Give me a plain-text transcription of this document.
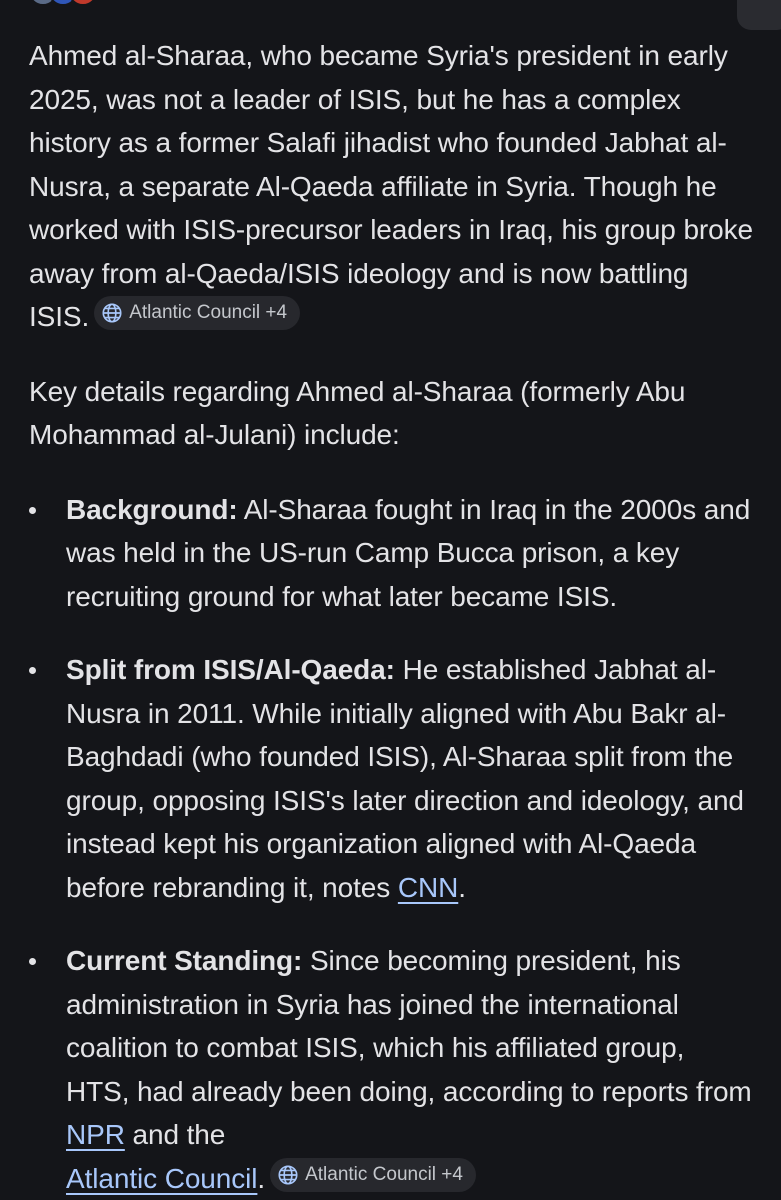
Ahmed al-Sharaa, who became Syria's president in early 2025, was not a leader of ISIS, but he has a complex history as a former Salafi jihadist who founded Jabhat al-Nusra, a separate Al-Qaeda affiliate in Syria. Though he worked with ISIS-precursor leaders in Iraq, his group broke away from al-Qaeda/ISIS ideology and is now battling ISIS. Atlantic Council +4

Key details regarding Ahmed al-Sharaa (formerly Abu Mohammad al-Julani) include:

Background: Al-Sharaa fought in Iraq in the 2000s and was held in the US-run Camp Bucca prison, a key recruiting ground for what later became ISIS.
Split from ISIS/Al-Qaeda: He established Jabhat al-Nusra in 2011. While initially aligned with Abu Bakr al-Baghdadi (who founded ISIS), Al-Sharaa split from the group, opposing ISIS's later direction and ideology, and instead kept his organization aligned with Al-Qaeda before rebranding it, notes CNN.
Current Standing: Since becoming president, his administration in Syria has joined the international coalition to combat ISIS, which his affiliated group, HTS, had already been doing, according to reports from NPR and the
Atlantic Council. Atlantic Council +4
